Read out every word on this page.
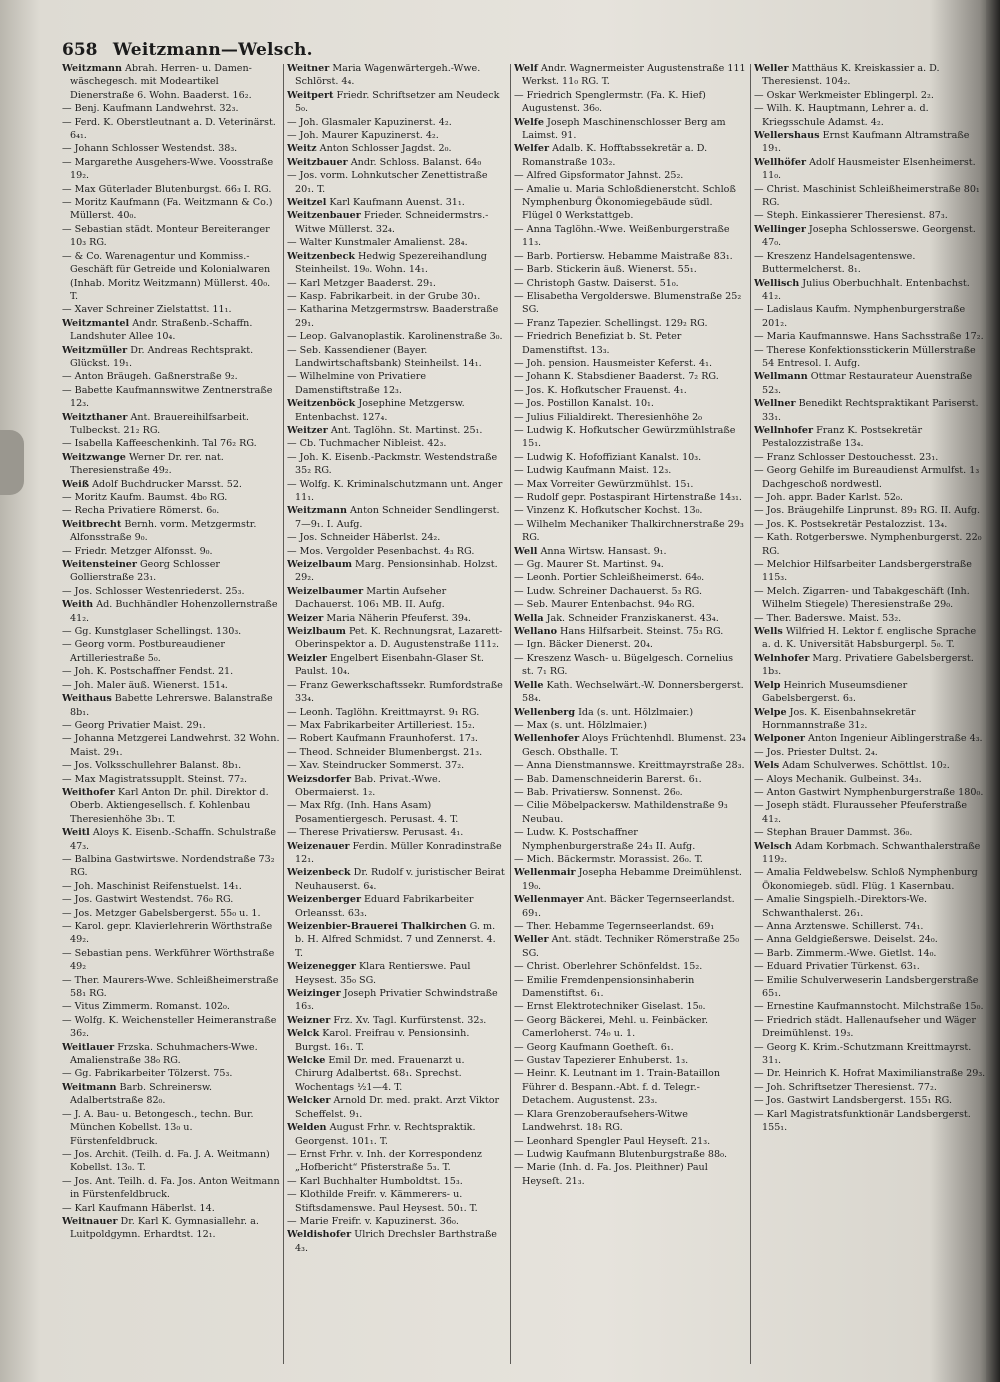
658 Weitzmann—Welsch.

Weitzmann Abrah. Herren- u. Damen-wäschegesch. mit Modeartikel Dienerstraße 6. Wohn. Baaderst. 16₂.

— Benj. Kaufmann Landwehrst. 32₃.

— Ferd. K. Oberstleutnant a. D. Veterinärst. 6₄₁.

— Johann Schlosser Westendst. 38₃.

— Margarethe Ausgehers-Wwe. Voosstraße 19₂.

— Max Güterlader Blutenburgst. 66₃ I. RG.

— Moritz Kaufmann (Fa. Weitzmann & Co.) Müllerst. 40₀.

— Sebastian städt. Monteur Bereiteranger 10₃ RG.

— & Co. Warenagentur und Kommiss.-Geschäft für Getreide und Kolonialwaren (Inhab. Moritz Weitzmann) Müllerst. 40₀. T.

— Xaver Schreiner Zielstattst. 11₁.

Weitzmantel Andr. Straßenb.-Schaffn. Landshuter Allee 10₄.

Weitzmüller Dr. Andreas Rechtsprakt. Glückst. 19₁.

— Anton Bräugeh. Gaßnerstraße 9₂.

— Babette Kaufmannswitwe Zentnerstraße 12₃.

Weitzthaner Ant. Brauereihilfsarbeit. Tulbeckst. 21₂ RG.

— Isabella Kaffeeschenkinh. Tal 76₂ RG.

Weitzwange Werner Dr. rer. nat. Theresienstraße 49₂.

Weiß Adolf Buchdrucker Marsst. 52.

— Moritz Kaufm. Baumst. 4b₀ RG.

— Recha Privatiere Römerst. 6₀.

Weitbrecht Bernh. vorm. Metzgermstr. Alfonsstraße 9₀.

— Friedr. Metzger Alfonsst. 9₀.

Weitensteiner Georg Schlosser Gollierstraße 23₁.

— Jos. Schlosser Westenriederst. 25₃.

Weith Ad. Buchhändler Hohenzollernstraße 41₂.

— Gg. Kunstglaser Schellingst. 130₃.

— Georg vorm. Postbureaudiener Artilleriestraße 5₀.

— Joh. K. Postschaffner Fendst. 21.

— Joh. Maler äuß. Wienerst. 151₄.

Weithaus Babette Lehrerswe. Balanstraße 8b₁.

— Georg Privatier Maist. 29₁.

— Johanna Metzgerei Landwehrst. 32 Wohn. Maist. 29₁.

— Jos. Volksschullehrer Balanst. 8b₁.

— Max Magistratssupplt. Steinst. 77₂.

Weithofer Karl Anton Dr. phil. Direktor d. Oberb. Aktiengesellsch. f. Kohlenbau Theresienhöhe 3b₁. T.

Weitl Aloys K. Eisenb.-Schaffn. Schulstraße 47₃.

— Balbina Gastwirtswe. Nordendstraße 73₂ RG.

— Joh. Maschinist Reifenstuelst. 14₁.

— Jos. Gastwirt Westendst. 76₀ RG.

— Jos. Metzger Gabelsbergerst. 55₀ u. 1.

— Karol. gepr. Klavierlehrerin Wörthstraße 49₂.

— Sebastian pens. Werkführer Wörthstraße 49₂

— Ther. Maurers-Wwe. Schleißheimerstraße 58₁ RG.

— Vitus Zimmerm. Romanst. 102₀.

— Wolfg. K. Weichensteller Heimeranstraße 36₂.

Weitlauer Frzska. Schuhmachers-Wwe. Amalienstraße 38₀ RG.

— Gg. Fabrikarbeiter Tölzerst. 75₃.

Weitmann Barb. Schreinersw. Adalbertstraße 82₀.

— J. A. Bau- u. Betongesch., techn. Bur. München Kobellst. 13₀ u. Fürstenfeldbruck.

— Jos. Archit. (Teilh. d. Fa. J. A. Weitmann) Kobellst. 13₀. T.

— Jos. Ant. Teilh. d. Fa. Jos. Anton Weitmann in Fürstenfeldbruck.

— Karl Kaufmann Häberlst. 14.

Weitnauer Dr. Karl K. Gymnasiallehr. a. Luitpoldgymn. Erhardtst. 12₁.

Weitner Maria Wagenwärtergeh.-Wwe. Schlörst. 4₄.

Weitpert Friedr. Schriftsetzer am Neudeck 5₀.

— Joh. Glasmaler Kapuzinerst. 4₂.

— Joh. Maurer Kapuzinerst. 4₂.

Weitz Anton Schlosser Jagdst. 2₀.

Weitzbauer Andr. Schloss. Balanst. 64₀

— Jos. vorm. Lohnkutscher Zenettistraße 20₁. T.

Weitzel Karl Kaufmann Auenst. 31₁.

Weitzenbauer Frieder. Schneidermstrs.-Witwe Müllerst. 32₄.

— Walter Kunstmaler Amalienst. 28₄.

Weitzenbeck Hedwig Spezereihandlung Steinheilst. 19₀. Wohn. 14₁.

— Karl Metzger Baaderst. 29₁.

— Kasp. Fabrikarbeit. in der Grube 30₁.

— Katharina Metzgermstrsw. Baaderstraße 29₁.

— Leop. Galvanoplastik. Karolinenstraße 3₀.

— Seb. Kassendiener (Bayer. Landwirtschaftsbank) Steinheilst. 14₁.

— Wilhelmine von Privatiere Damenstiftstraße 12₃.

Weitzenböck Josephine Metzgersw. Entenbachst. 127₄.

Weitzer Ant. Taglöhn. St. Martinst. 25₁.

— Cb. Tuchmacher Nibleist. 42₃.

— Joh. K. Eisenb.-Packmstr. Westendstraße 35₂ RG.

— Wolfg. K. Kriminalschutzmann unt. Anger 11₁.

Weitzmann Anton Schneider Sendlingerst. 7—9₁. I. Aufg.

— Jos. Schneider Häberlst. 24₂.

— Mos. Vergolder Pesenbachst. 4₃ RG.

Weizelbaum Marg. Pensionsinhab. Holzst. 29₂.

Weizelbaumer Martin Aufseher Dachauerst. 106₁ MB. II. Aufg.

Weizer Maria Näherin Pfeuferst. 39₄.

Weizlbaum Pet. K. Rechnungsrat, Lazarett-Oberinspektor a. D. Augustenstraße 111₂.

Weizler Engelbert Eisenbahn-Glaser St. Paulst. 10₄.

— Franz Gewerkschaftssekr. Rumfordstraße 33₄.

— Leonh. Taglöhn. Kreittmayrst. 9₁ RG.

— Max Fabrikarbeiter Artilleriest. 15₂.

— Robert Kaufmann Fraunhoferst. 17₃.

— Theod. Schneider Blumenbergst. 21₃.

— Xav. Steindrucker Sommerst. 37₂.

Weizsdorfer Bab. Privat.-Wwe. Obermaierst. 1₂.

— Max Rfg. (Inh. Hans Asam) Posamentiergesch. Perusast. 4. T.

— Therese Privatiersw. Perusast. 4₁.

Weizenauer Ferdin. Müller Konradinstraße 12₁.

Weizenbeck Dr. Rudolf v. juristischer Beirat Neuhauserst. 6₄.

Weizenberger Eduard Fabrikarbeiter Orleansst. 63₃.

Weizenbier-Brauerei Thalkirchen G. m. b. H. Alfred Schmidst. 7 und Zennerst. 4. T.

Weizenegger Klara Rentierswe. Paul Heysest. 35₀ SG.

Weizinger Joseph Privatier Schwindstraße 16₃.

Weizner Frz. Xv. Tagl. Kurfürstenst. 32₃.

Welck Karol. Freifrau v. Pensionsinh. Burgst. 16₁. T.

Welcke Emil Dr. med. Frauenarzt u. Chirurg Adalbertst. 68₁. Sprechst. Wochentags ½1—4. T.

Welcker Arnold Dr. med. prakt. Arzt Viktor Scheffelst. 9₁.

Welden August Frhr. v. Rechtspraktik. Georgenst. 101₁. T.

— Ernst Frhr. v. Inh. der Korrespondenz „Hofbericht“ Pfisterstraße 5₃. T.

— Karl Buchhalter Humboldtst. 15₃.

— Klothilde Freifr. v. Kämmerers- u. Stiftsdamenswe. Paul Heysest. 50₁. T.

— Marie Freifr. v. Kapuzinerst. 36₀.

Weldishofer Ulrich Drechsler Barthstraße 4₃.

Welf Andr. Wagnermeister Augustenstraße 111 Werkst. 11₀ RG. T.

— Friedrich Spenglermstr. (Fa. K. Hief) Augustenst. 36₀.

Welfe Joseph Maschinenschlosser Berg am Laimst. 91.

Welfer Adalb. K. Hofftabssekretär a. D. Romanstraße 103₂.

— Alfred Gipsformator Jahnst. 25₂.

— Amalie u. Maria Schloßdienerstcht. Schloß Nymphenburg Ökonomiegebäude südl. Flügel 0 Werkstattgeb.

— Anna Taglöhn.-Wwe. Weißenburgerstraße 11₃.

— Barb. Portiersw. Hebamme Maistraße 83₁.

— Barb. Stickerin äuß. Wienerst. 55₁.

— Christoph Gastw. Daiserst. 51₀.

— Elisabetha Vergolderswe. Blumenstraße 25₂ SG.

— Franz Tapezier. Schellingst. 129₂ RG.

— Friedrich Benefiziat b. St. Peter Damenstiftst. 13₃.

— Joh. pension. Hausmeister Keferst. 4₁.

— Johann K. Stabsdiener Baaderst. 7₂ RG.

— Jos. K. Hofkutscher Frauenst. 4₁.

— Jos. Postillon Kanalst. 10₁.

— Julius Filialdirekt. Theresienhöhe 2₀

— Ludwig K. Hofkutscher Gewürzmühlstraße 15₁.

— Ludwig K. Hofoffiziant Kanalst. 10₃.

— Ludwig Kaufmann Maist. 12₃.

— Max Vorreiter Gewürzmühlst. 15₁.

— Rudolf gepr. Postaspirant Hirtenstraße 14₃₁.

— Vinzenz K. Hofkutscher Kochst. 13₀.

— Wilhelm Mechaniker Thalkirchnerstraße 29₃ RG.

Well Anna Wirtsw. Hansast. 9₁.

— Gg. Maurer St. Martinst. 9₄.

— Leonh. Portier Schleißheimerst. 64₀.

— Ludw. Schreiner Dachauerst. 5₃ RG.

— Seb. Maurer Entenbachst. 94₀ RG.

Wella Jak. Schneider Franziskanerst. 43₄.

Wellano Hans Hilfsarbeit. Steinst. 75₃ RG.

— Ign. Bäcker Dienerst. 20₄.

— Kreszenz Wasch- u. Bügelgesch. Cornelius st. 7₁ RG.

Welle Kath. Wechselwärt.-W. Donnersbergerst. 58₄.

Wellenberg Ida (s. unt. Hölzlmaier.)

— Max (s. unt. Hölzlmaier.)

Wellenhofer Aloys Früchtenhdl. Blumenst. 23₄ Gesch. Obsthalle. T.

— Anna Dienstmannswe. Kreittmayrstraße 28₃.

— Bab. Damenschneiderin Barerst. 6₁.

— Bab. Privatiersw. Sonnenst. 26₀.

— Cilie Möbelpackersw. Mathildenstraße 9₃ Neubau.

— Ludw. K. Postschaffner Nymphenburgerstraße 24₃ II. Aufg.

— Mich. Bäckermstr. Morassist. 26₀. T.

Wellenmair Josepha Hebamme Dreimühlenst. 19₀.

Wellenmayer Ant. Bäcker Tegernseerlandst. 69₁.

— Ther. Hebamme Tegernseerlandst. 69₁

Weller Ant. städt. Techniker Römerstraße 25₀ SG.

— Christ. Oberlehrer Schönfeldst. 15₂.

— Emilie Fremdenpensionsinhaberin Damenstiftst. 6₁.

— Ernst Elektrotechniker Giselast. 15₀.

— Georg Bäckerei, Mehl. u. Feinbäcker. Camerloherst. 74₀ u. 1.

— Georg Kaufmann Goetheſt. 6₁.

— Gustav Tapezierer Enhuberst. 1₃.

— Heinr. K. Leutnant im 1. Train-Bataillon Führer d. Bespann.-Abt. f. d. Telegr.-Detachem. Augustenst. 23₃.

— Klara Grenzoberaufsehers-Witwe Landwehrst. 18₁ RG.

— Leonhard Spengler Paul Heyseſt. 21₃.

— Ludwig Kaufmann Blutenburgstraße 88₀.

— Marie (Inh. d. Fa. Jos. Pleithner) Paul Heyseſt. 21₃.

Weller Matthäus K. Kreiskassier a. D. Theresienst. 104₂.

— Oskar Werkmeister Eblingerpl. 2₂.

— Wilh. K. Hauptmann, Lehrer a. d. Kriegsschule Adamst. 4₂.

Wellershaus Ernst Kaufmann Altramstraße 19₁.

Wellhöfer Adolf Hausmeister Elsenheimerst. 11₀.

— Christ. Maschinist Schleißheimerstraße 80₁ RG.

— Steph. Einkassierer Theresienst. 87₃.

Wellinger Josepha Schlosserswe. Georgenst. 47₀.

— Kreszenz Handelsagentenswe. Buttermelcherst. 8₁.

Wellisch Julius Oberbuchhalt. Entenbachst. 41₂.

— Ladislaus Kaufm. Nymphenburgerstraße 201₂.

— Maria Kaufmannswe. Hans Sachsstraße 17₂.

— Therese Konfektionsstickerin Müllerstraße 54 Entresol. I. Aufg.

Wellmann Ottmar Restaurateur Auenstraße 52₃.

Wellner Benedikt Rechtspraktikant Pariserst. 33₁.

Wellnhofer Franz K. Postsekretär Pestalozzistraße 13₄.

— Franz Schlosser Destouchesst. 23₁.

— Georg Gehilfe im Bureaudienst Armulfst. 1₃ Dachgeschoß nordwestl.

— Joh. appr. Bader Karlst. 52₀.

— Jos. Bräugehilfe Linprunst. 89₃ RG. II. Aufg.

— Jos. K. Postsekretär Pestalozzist. 13₄.

— Kath. Rotgerberswe. Nymphenburgerst. 22₀ RG.

— Melchior Hilfsarbeiter Landsbergerstraße 115₃.

— Melch. Zigarren- und Tabakgeschäft (Inh. Wilhelm Stiegele) Theresienstraße 29₀.

— Ther. Baderswe. Maist. 53₂.

Wells Wilfried H. Lektor f. englische Sprache a. d. K. Universität Habsburgerpl. 5₀. T.

Welnhofer Marg. Privatiere Gabelsbergerst. 1b₃.

Welp Heinrich Museumsdiener Gabelsbergerst. 6₃.

Welpe Jos. K. Eisenbahnsekretär Hornmannstraße 31₂.

Welponer Anton Ingenieur Aiblingerstraße 4₃.

— Jos. Priester Dultst. 2₄.

Wels Adam Schulverwes. Schöttlst. 10₂.

— Aloys Mechanik. Gulbeinst. 34₃.

— Anton Gastwirt Nymphenburgerstraße 180₀.

— Joseph städt. Flurausseher Pfeuferstraße 41₂.

— Stephan Brauer Dammst. 36₀.

Welsch Adam Korbmach. Schwanthalerstraße 119₂.

— Amalia Feldwebelsw. Schloß Nymphenburg Ökonomiegeb. südl. Flüg. 1 Kasernbau.

— Amalie Singspielh.-Direktors-We. Schwanthalerst. 26₁.

— Anna Arztenswe. Schillerst. 74₁.

— Anna Geldgießerswe. Deiselst. 24₀.

— Barb. Zimmerm.-Wwe. Gietlst. 14₀.

— Eduard Privatier Türkenst. 63₁.

— Emilie Schulverweserin Landsbergerstraße 65₁.

— Ernestine Kaufmannstocht. Milchstraße 15₀.

— Friedrich städt. Hallenaufseher und Wäger Dreimühlenst. 19₃.

— Georg K. Krim.-Schutzmann Kreittmayrst. 31₁.

— Dr. Heinrich K. Hofrat Maximilianstraße 29₃.

— Joh. Schriftsetzer Theresienst. 77₂.

— Jos. Gastwirt Landsbergerst. 155₁ RG.

— Karl Magistratsfunktionär Landsbergerst. 155₁.
